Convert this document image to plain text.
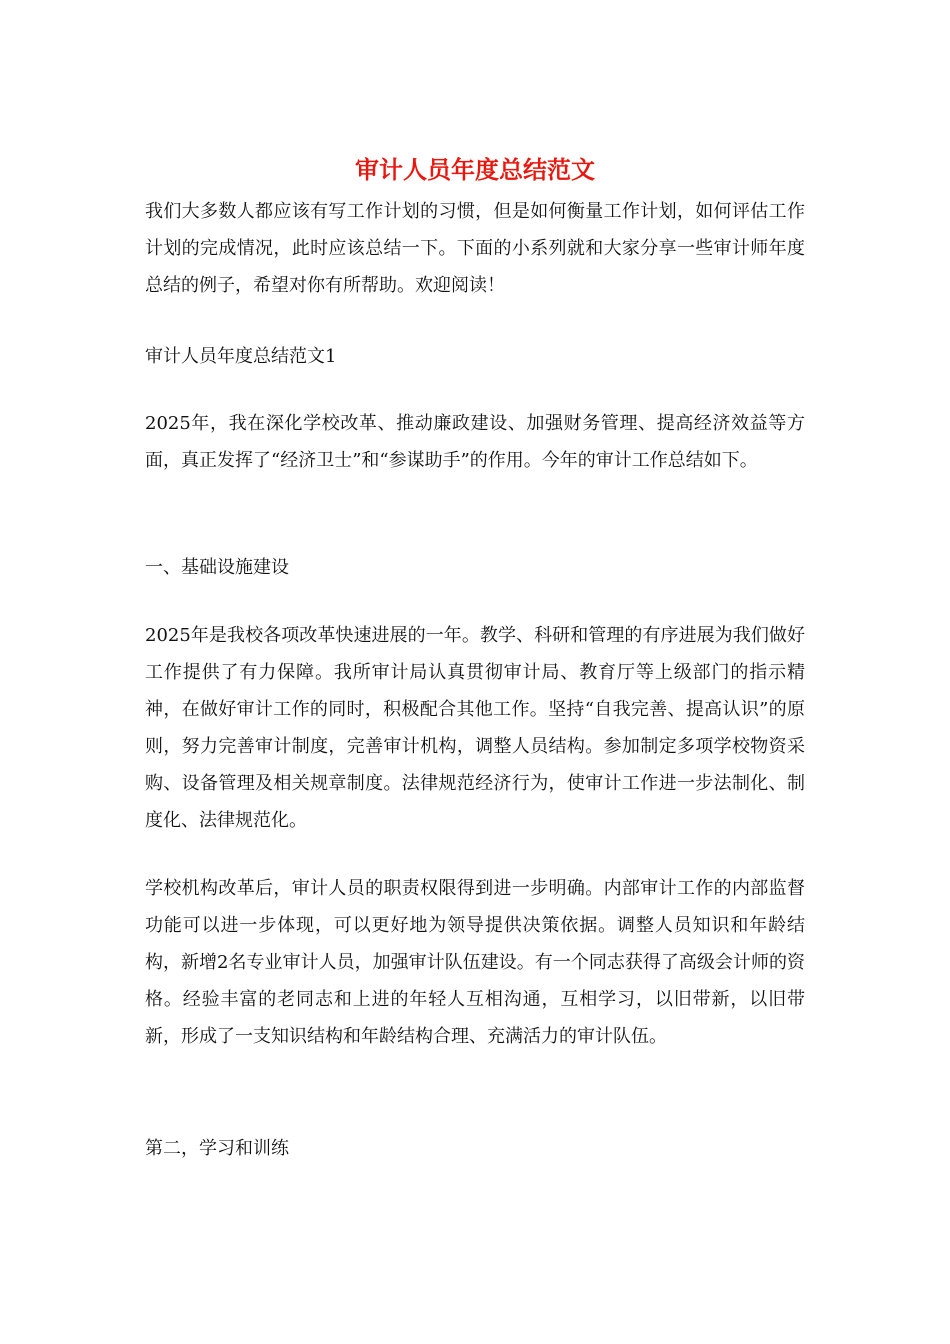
审计人员年度总结范文

我们大多数人都应该有写工作计划的习惯，但是如何衡量工作计划，如何评估工作计划的完成情况，此时应该总结一下。下面的小系列就和大家分享一些审计师年度总结的例子，希望对你有所帮助。欢迎阅读！

审计人员年度总结范文1

2025年，我在深化学校改革、推动廉政建设、加强财务管理、提高经济效益等方面，真正发挥了“经济卫士”和“参谋助手”的作用。今年的审计工作总结如下。

一、基础设施建设

2025年是我校各项改革快速进展的一年。教学、科研和管理的有序进展为我们做好工作提供了有力保障。我所审计局认真贯彻审计局、教育厅等上级部门的指示精神，在做好审计工作的同时，积极配合其他工作。坚持“自我完善、提高认识”的原则，努力完善审计制度，完善审计机构，调整人员结构。参加制定多项学校物资采购、设备管理及相关规章制度。法律规范经济行为，使审计工作进一步法制化、制度化、法律规范化。

学校机构改革后，审计人员的职责权限得到进一步明确。内部审计工作的内部监督功能可以进一步体现，可以更好地为领导提供决策依据。调整人员知识和年龄结构，新增2名专业审计人员，加强审计队伍建设。有一个同志获得了高级会计师的资格。经验丰富的老同志和上进的年轻人互相沟通，互相学习，以旧带新，以旧带新，形成了一支知识结构和年龄结构合理、充满活力的审计队伍。

第二，学习和训练
